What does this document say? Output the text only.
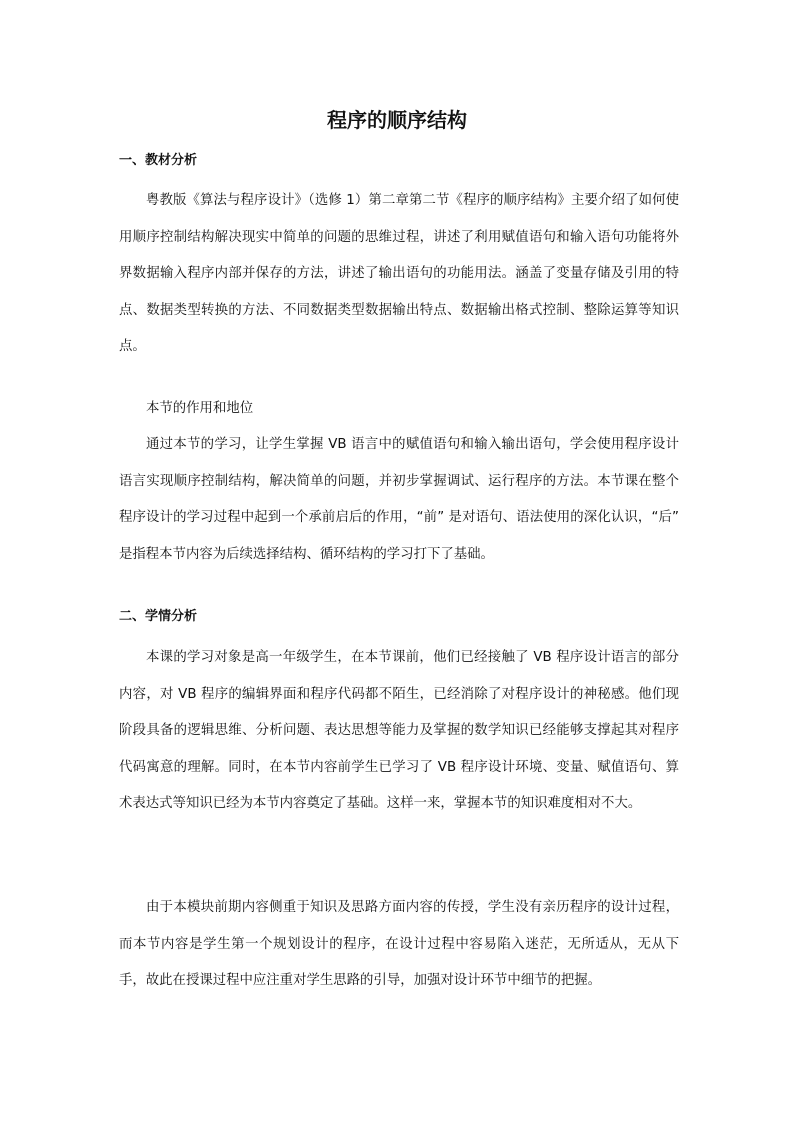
程序的顺序结构
一、教材分析

粤教版《算法与程序设计》（选修 1）第二章第二节《程序的顺序结构》主要介绍了如何使用顺序控制结构解决现实中简单的问题的思维过程，讲述了利用赋值语句和输入语句功能将外界数据输入程序内部并保存的方法，讲述了输出语句的功能用法。涵盖了变量存储及引用的特点、数据类型转换的方法、不同数据类型数据输出特点、数据输出格式控制、整除运算等知识点。

本节的作用和地位

通过本节的学习，让学生掌握 VB 语言中的赋值语句和输入输出语句，学会使用程序设计语言实现顺序控制结构，解决简单的问题，并初步掌握调试、运行程序的方法。本节课在整个程序设计的学习过程中起到一个承前启后的作用，“前” 是对语句、语法使用的深化认识，“后” 是指程本节内容为后续选择结构、循环结构的学习打下了基础。

二、学情分析

本课的学习对象是高一年级学生，在本节课前，他们已经接触了 VB 程序设计语言的部分内容，对 VB 程序的编辑界面和程序代码都不陌生，已经消除了对程序设计的神秘感。他们现阶段具备的逻辑思维、分析问题、表达思想等能力及掌握的数学知识已经能够支撑起其对程序代码寓意的理解。同时，在本节内容前学生已学习了 VB 程序设计环境、变量、赋值语句、算术表达式等知识已经为本节内容奠定了基础。这样一来，掌握本节的知识难度相对不大。

由于本模块前期内容侧重于知识及思路方面内容的传授，学生没有亲历程序的设计过程，而本节内容是学生第一个规划设计的程序，在设计过程中容易陷入迷茫，无所适从，无从下手，故此在授课过程中应注重对学生思路的引导，加强对设计环节中细节的把握。
